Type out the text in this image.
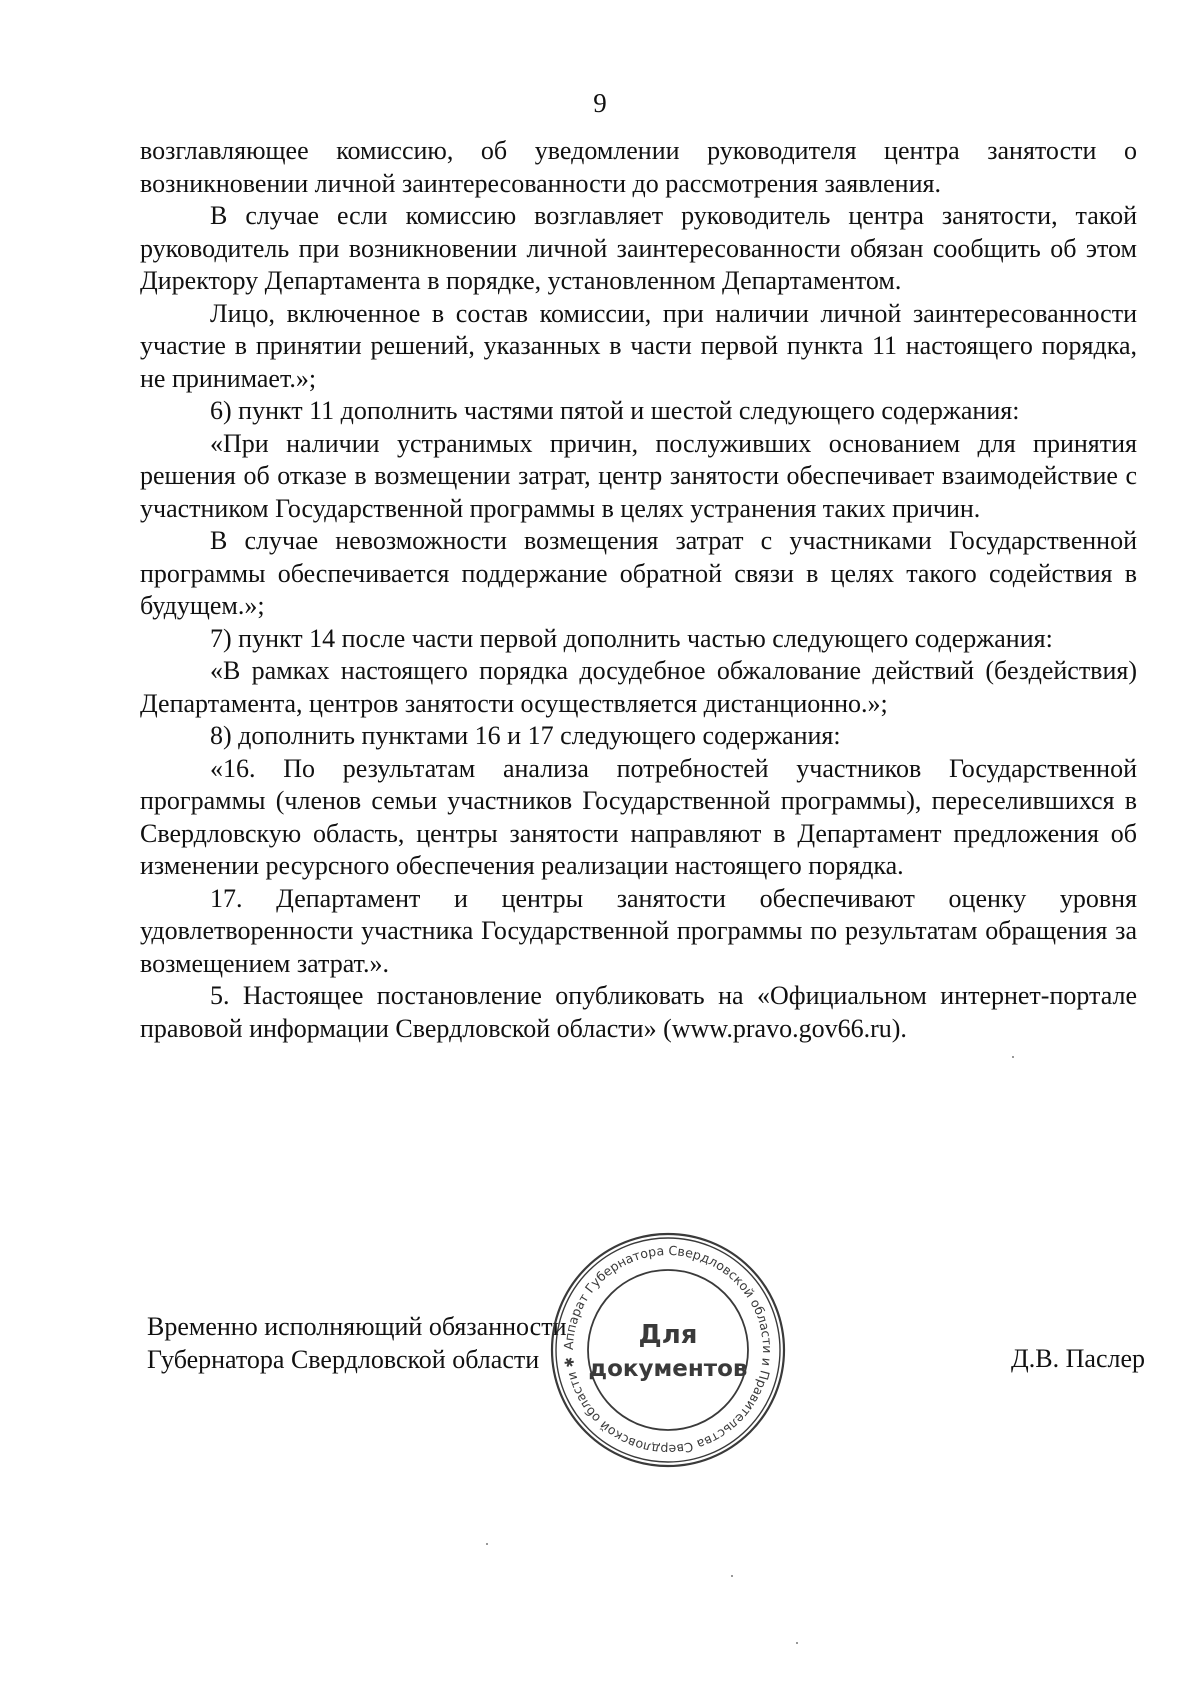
9

возглавляющее комиссию, об уведомлении руководителя центра занятости о возникновении личной заинтересованности до рассмотрения заявления.

В случае если комиссию возглавляет руководитель центра занятости, такой руководитель при возникновении личной заинтересованности обязан сообщить об этом Директору Департамента в порядке, установленном Департаментом.

Лицо, включенное в состав комиссии, при наличии личной заинтересованности участие в принятии решений, указанных в части первой пункта 11 настоящего порядка, не принимает.»;

6) пункт 11 дополнить частями пятой и шестой следующего содержания:

«При наличии устранимых причин, послуживших основанием для принятия решения об отказе в возмещении затрат, центр занятости обеспечивает взаимодействие с участником Государственной программы в целях устранения таких причин.

В случае невозможности возмещения затрат с участниками Государственной программы обеспечивается поддержание обратной связи в целях такого содействия в будущем.»;

7) пункт 14 после части первой дополнить частью следующего содержания:

«В рамках настоящего порядка досудебное обжалование действий (бездействия) Департамента, центров занятости осуществляется дистанционно.»;

8) дополнить пунктами 16 и 17 следующего содержания:

«16. По результатам анализа потребностей участников Государственной программы (членов семьи участников Государственной программы), переселившихся в Свердловскую область, центры занятости направляют в Департамент предложения об изменении ресурсного обеспечения реализации настоящего порядка.

17. Департамент и центры занятости обеспечивают оценку уровня удовлетворенности участника Государственной программы по результатам обращения за возмещением затрат.».

5. Настоящее постановление опубликовать на «Официальном интернет-портале правовой информации Свердловской области» (www.pravo.gov66.ru).

Временно исполняющий обязанности
Губернатора Свердловской области	Д.В. Паслер
Аппарат Губернатора Свердловской области и Правительства Свердловской области ✱
Для
документов
